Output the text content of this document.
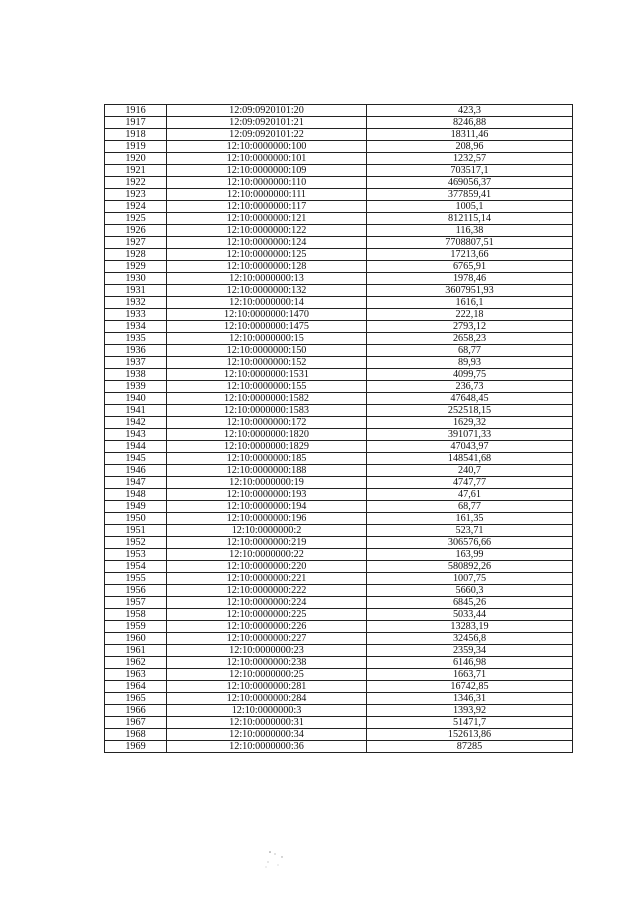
1916	12:09:0920101:20	423,3
1917	12:09:0920101:21	8246,88
1918	12:09:0920101:22	18311,46
1919	12:10:0000000:100	208,96
1920	12:10:0000000:101	1232,57
1921	12:10:0000000:109	703517,1
1922	12:10:0000000:110	469056,37
1923	12:10:0000000:111	377859,41
1924	12:10:0000000:117	1005,1
1925	12:10:0000000:121	812115,14
1926	12:10:0000000:122	116,38
1927	12:10:0000000:124	7708807,51
1928	12:10:0000000:125	17213,66
1929	12:10:0000000:128	6765,91
1930	12:10:0000000:13	1978,46
1931	12:10:0000000:132	3607951,93
1932	12:10:0000000:14	1616,1
1933	12:10:0000000:1470	222,18
1934	12:10:0000000:1475	2793,12
1935	12:10:0000000:15	2658,23
1936	12:10:0000000:150	68,77
1937	12:10:0000000:152	89,93
1938	12:10:0000000:1531	4099,75
1939	12:10:0000000:155	236,73
1940	12:10:0000000:1582	47648,45
1941	12:10:0000000:1583	252518,15
1942	12:10:0000000:172	1629,32
1943	12:10:0000000:1820	391071,33
1944	12:10:0000000:1829	47043,97
1945	12:10:0000000:185	148541,68
1946	12:10:0000000:188	240,7
1947	12:10:0000000:19	4747,77
1948	12:10:0000000:193	47,61
1949	12:10:0000000:194	68,77
1950	12:10:0000000:196	161,35
1951	12:10:0000000:2	523,71
1952	12:10:0000000:219	306576,66
1953	12:10:0000000:22	163,99
1954	12:10:0000000:220	580892,26
1955	12:10:0000000:221	1007,75
1956	12:10:0000000:222	5660,3
1957	12:10:0000000:224	6845,26
1958	12:10:0000000:225	5033,44
1959	12:10:0000000:226	13283,19
1960	12:10:0000000:227	32456,8
1961	12:10:0000000:23	2359,34
1962	12:10:0000000:238	6146,98
1963	12:10:0000000:25	1663,71
1964	12:10:0000000:281	16742,85
1965	12:10:0000000:284	1346,31
1966	12:10:0000000:3	1393,92
1967	12:10:0000000:31	51471,7
1968	12:10:0000000:34	152613,86
1969	12:10:0000000:36	87285
